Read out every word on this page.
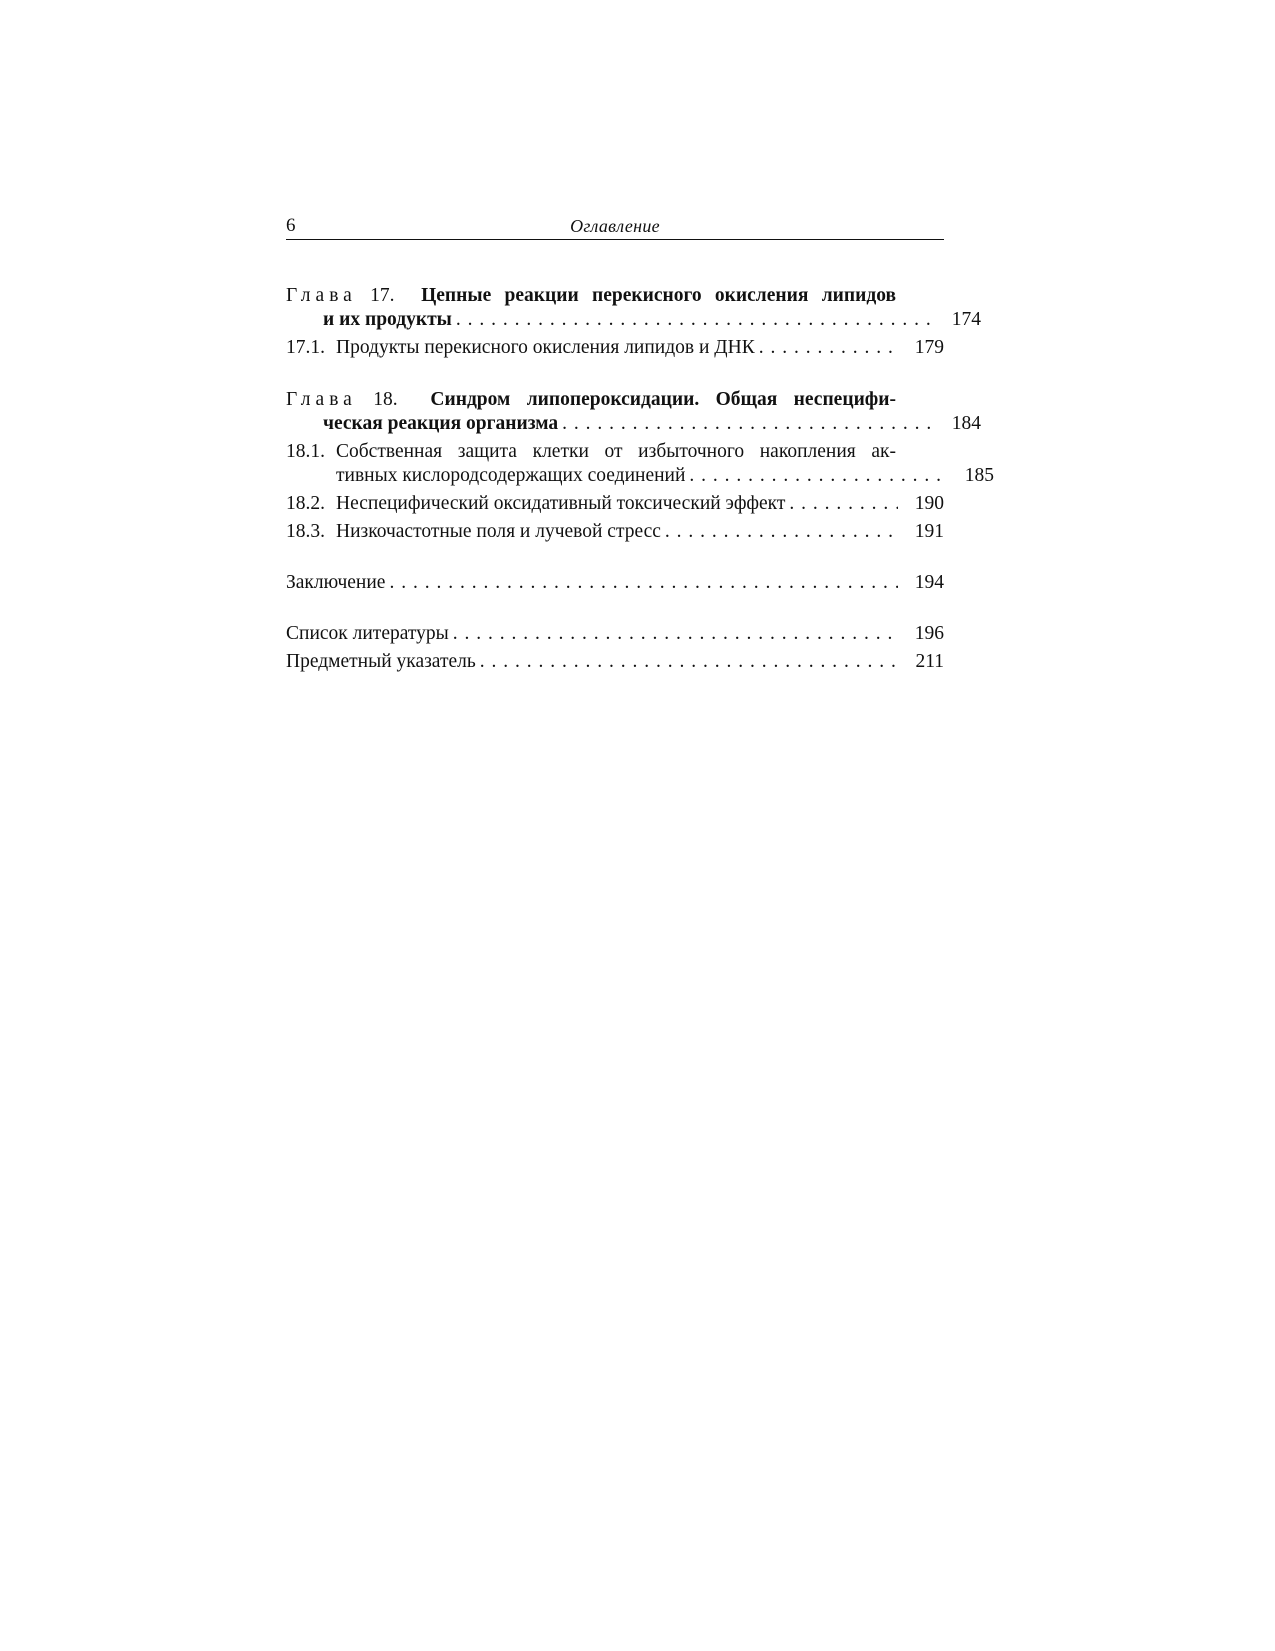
6	Оглавление
Глава 17. Цепные реакции перекисного окисления липидов
и их продукты . . .	174
17.1. Продукты перекисного окисления липидов и ДНК . . .	179
Глава 18. Синдром липопероксидации. Общая неспецифи-
ческая реакция организма . . .	184
18.1. Собственная защита клетки от избыточного накопления ак-
тивных кислородсодержащих соединений . . .	185
18.2. Неспецифический оксидативный токсический эффект . . .	190
18.3. Низкочастотные поля и лучевой стресс . . .	191
Заключение . . .	194
Список литературы . . .	196
Предметный указатель . . .	211
